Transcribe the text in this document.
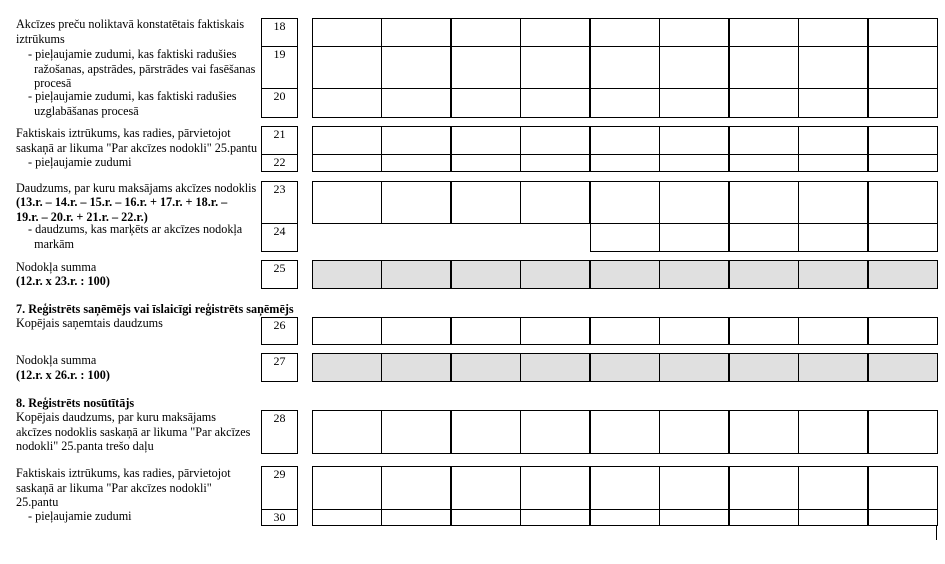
Akcīzes preču noliktavā konstatētais faktiskais
iztrūkums
- pieļaujamie zudumi, kas faktiski radušies
ražošanas, apstrādes, pārstrādes vai fasēšanas
procesā
- pieļaujamie zudumi, kas faktiski radušies
uzglabāšanas procesā
Faktiskais iztrūkums, kas radies, pārvietojot
saskaņā ar likuma "Par akcīzes nodokli" 25.pantu
- pieļaujamie zudumi
Daudzums, par kuru maksājams akcīzes nodoklis
(13.r. – 14.r. – 15.r. – 16.r. + 17.r. + 18.r. –
19.r. – 20.r. + 21.r. – 22.r.)
- daudzums, kas marķēts ar akcīzes nodokļa
markām
Nodokļa summa
(12.r. x 23.r. : 100)
7. Reģistrēts saņēmējs vai īslaicīgi reģistrēts saņēmējs
Kopējais saņemtais daudzums
Nodokļa summa
(12.r. x 26.r. : 100)
8. Reģistrēts nosūtītājs
Kopējais daudzums, par kuru maksājams
akcīzes nodoklis saskaņā ar likuma "Par akcīzes
nodokli" 25.panta trešo daļu
Faktiskais iztrūkums, kas radies, pārvietojot
saskaņā ar likuma "Par akcīzes nodokli"
25.pantu
- pieļaujamie zudumi
18
19
20
21
22
23
24
25
26
27
28
29
30
